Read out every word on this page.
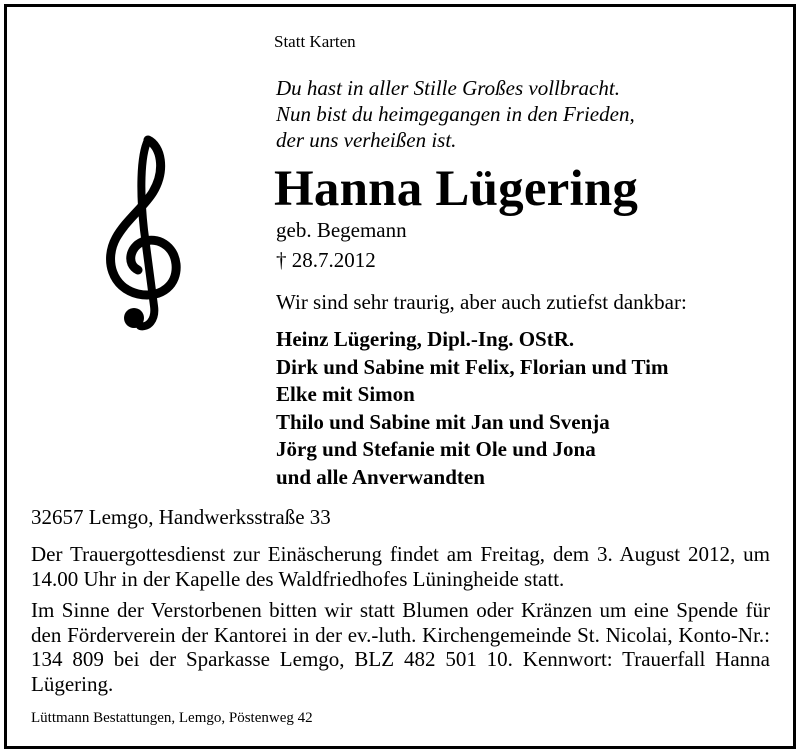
Statt Karten
Du hast in aller Stille Großes vollbracht.
Nun bist du heimgegangen in den Frieden,
der uns verheißen ist.
Hanna Lügering
geb. Begemann
† 28.7.2012
Wir sind sehr traurig, aber auch zutiefst dankbar:
Heinz Lügering, Dipl.-Ing. OStR.
Dirk und Sabine mit Felix, Florian und Tim
Elke mit Simon
Thilo und Sabine mit Jan und Svenja
Jörg und Stefanie mit Ole und Jona
und alle Anverwandten
32657 Lemgo, Handwerksstraße 33
Der Trauergottesdienst zur Einäscherung findet am Freitag, dem 3. August 2012, um 14.00 Uhr in der Kapelle des Waldfriedhofes Lüningheide statt.
Im Sinne der Verstorbenen bitten wir statt Blumen oder Kränzen um eine Spende für den Förderverein der Kantorei in der ev.-luth. Kirchengemeinde St. Nicolai, Konto-Nr.: 134 809 bei der Sparkasse Lemgo, BLZ 482 501 10. Kennwort: Trauerfall Hanna Lügering.
Lüttmann Bestattungen, Lemgo, Pöstenweg 42
